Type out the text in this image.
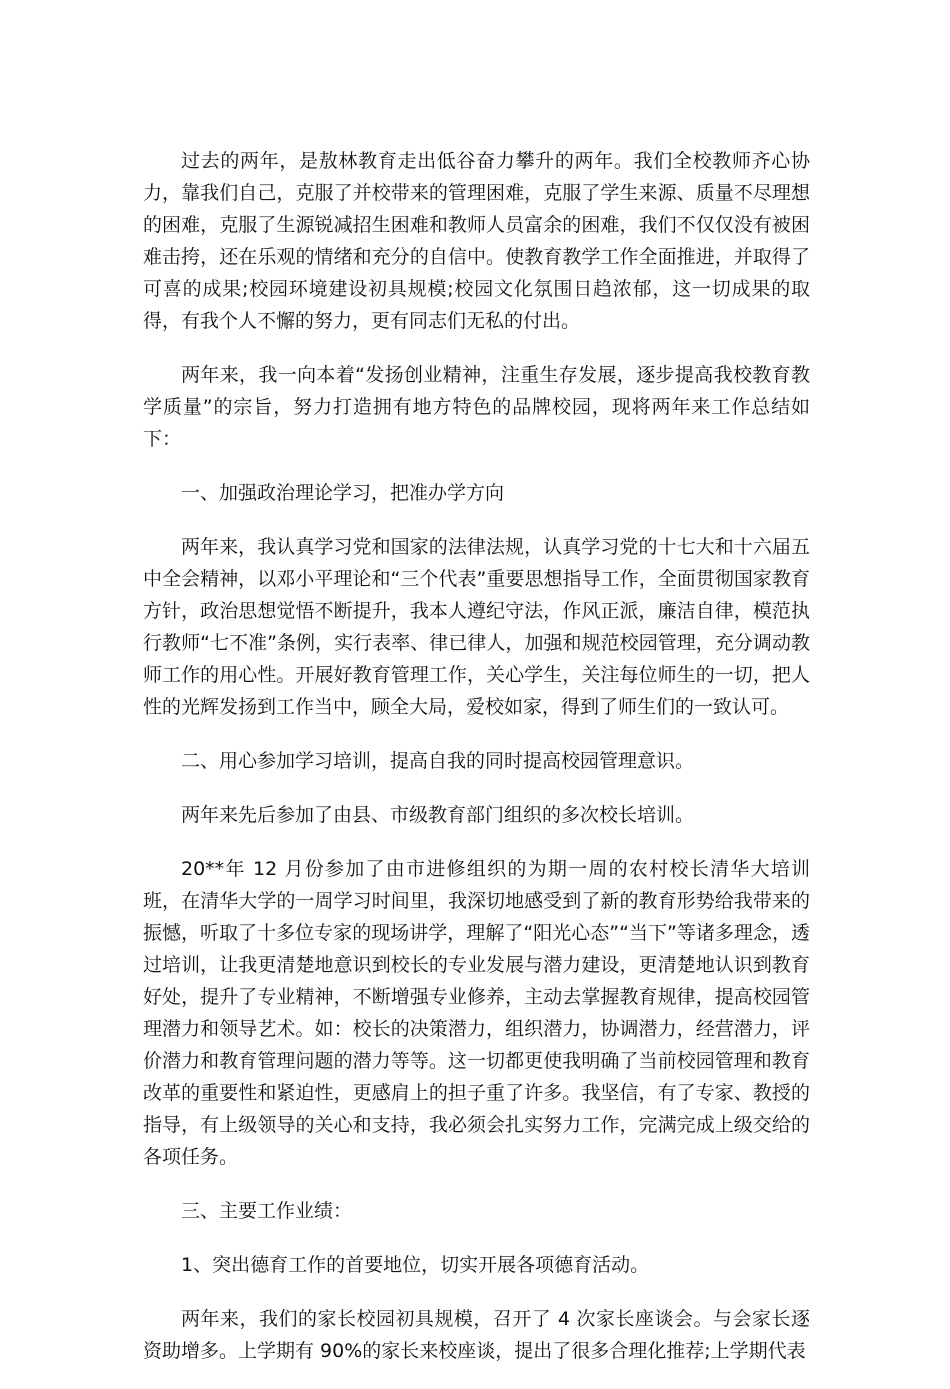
过去的两年，是敖林教育走出低谷奋力攀升的两年。我们全校教师齐心协力，靠我们自己，克服了并校带来的管理困难，克服了学生来源、质量不尽理想的困难，克服了生源锐减招生困难和教师人员富余的困难，我们不仅仅没有被困难击挎，还在乐观的情绪和充分的自信中。使教育教学工作全面推进，并取得了可喜的成果;校园环境建设初具规模;校园文化氛围日趋浓郁，这一切成果的取得，有我个人不懈的努力，更有同志们无私的付出。

两年来，我一向本着“发扬创业精神，注重生存发展，逐步提高我校教育教学质量”的宗旨，努力打造拥有地方特色的品牌校园，现将两年来工作总结如下：

一、加强政治理论学习，把准办学方向

两年来，我认真学习党和国家的法律法规，认真学习党的十七大和十六届五中全会精神，以邓小平理论和“三个代表”重要思想指导工作，全面贯彻国家教育方针，政治思想觉悟不断提升，我本人遵纪守法，作风正派，廉洁自律，模范执行教师“七不准”条例，实行表率、律已律人，加强和规范校园管理，充分调动教师工作的用心性。开展好教育管理工作，关心学生，关注每位师生的一切，把人性的光辉发扬到工作当中，顾全大局，爱校如家，得到了师生们的一致认可。

二、用心参加学习培训，提高自我的同时提高校园管理意识。

两年来先后参加了由县、市级教育部门组织的多次校长培训。

20**年 12 月份参加了由市进修组织的为期一周的农村校长清华大培训班，在清华大学的一周学习时间里，我深切地感受到了新的教育形势给我带来的振憾，听取了十多位专家的现场讲学，理解了“阳光心态”“当下”等诸多理念，透过培训，让我更清楚地意识到校长的专业发展与潜力建设，更清楚地认识到教育好处，提升了专业精神，不断增强专业修养，主动去掌握教育规律，提高校园管理潜力和领导艺术。如：校长的决策潜力，组织潜力，协调潜力，经营潜力，评价潜力和教育管理问题的潜力等等。这一切都更使我明确了当前校园管理和教育改革的重要性和紧迫性，更感肩上的担子重了许多。我坚信，有了专家、教授的指导，有上级领导的关心和支持，我必须会扎实努力工作，完满完成上级交给的各项任务。

三、主要工作业绩：

1、突出德育工作的首要地位，切实开展各项德育活动。

两年来，我们的家长校园初具规模，召开了 4 次家长座谈会。与会家长逐资助增多。上学期有 90%的家长来校座谈，提出了很多合理化推荐;上学期代表
